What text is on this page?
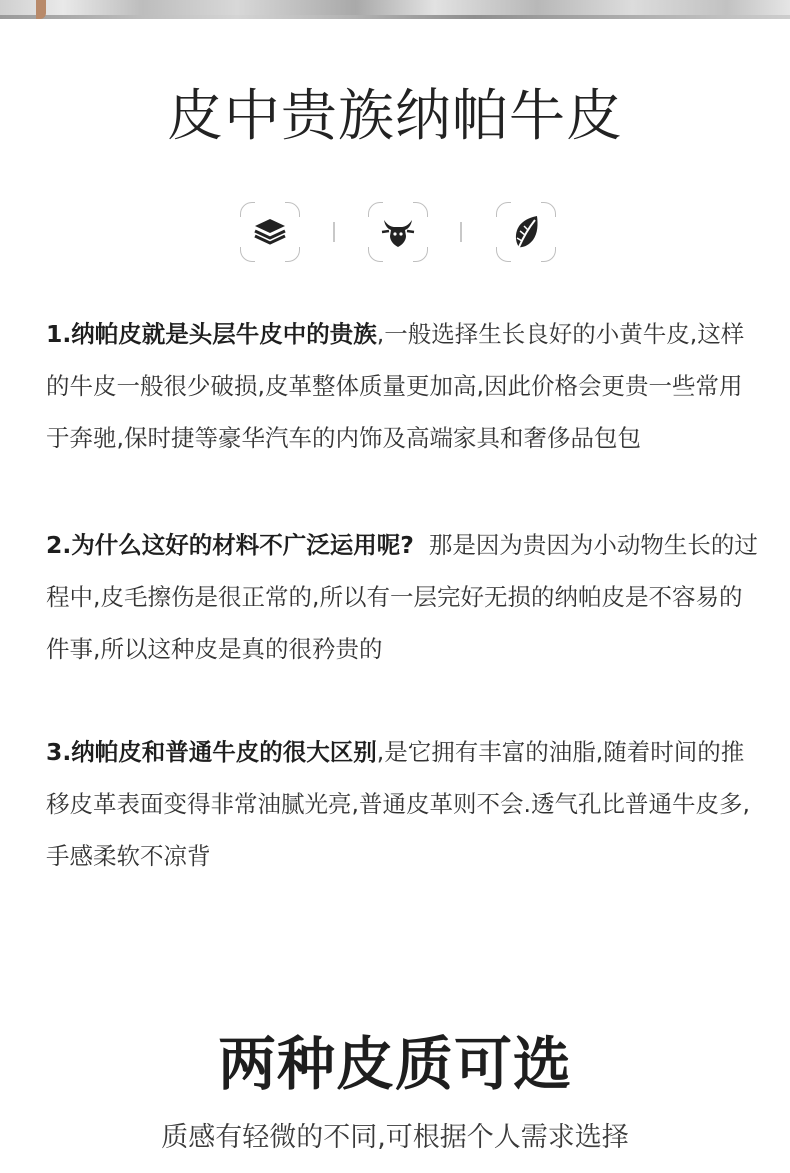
皮中贵族纳帕牛皮
1.纳帕皮就是头层牛皮中的贵族,一般选择生长良好的小黄牛皮,这样的牛皮一般很少破损,皮革整体质量更加高,因此价格会更贵一些常用于奔驰,保时捷等豪华汽车的内饰及高端家具和奢侈品包包
2.为什么这好的材料不广泛运用呢?  那是因为贵因为小动物生长的过程中,皮毛擦伤是很正常的,所以有一层完好无损的纳帕皮是不容易的件事,所以这种皮是真的很矜贵的
3.纳帕皮和普通牛皮的很大区别,是它拥有丰富的油脂,随着时间的推移皮革表面变得非常油腻光亮,普通皮革则不会.透气孔比普通牛皮多,手感柔软不凉背
两种皮质可选
质感有轻微的不同,可根据个人需求选择
